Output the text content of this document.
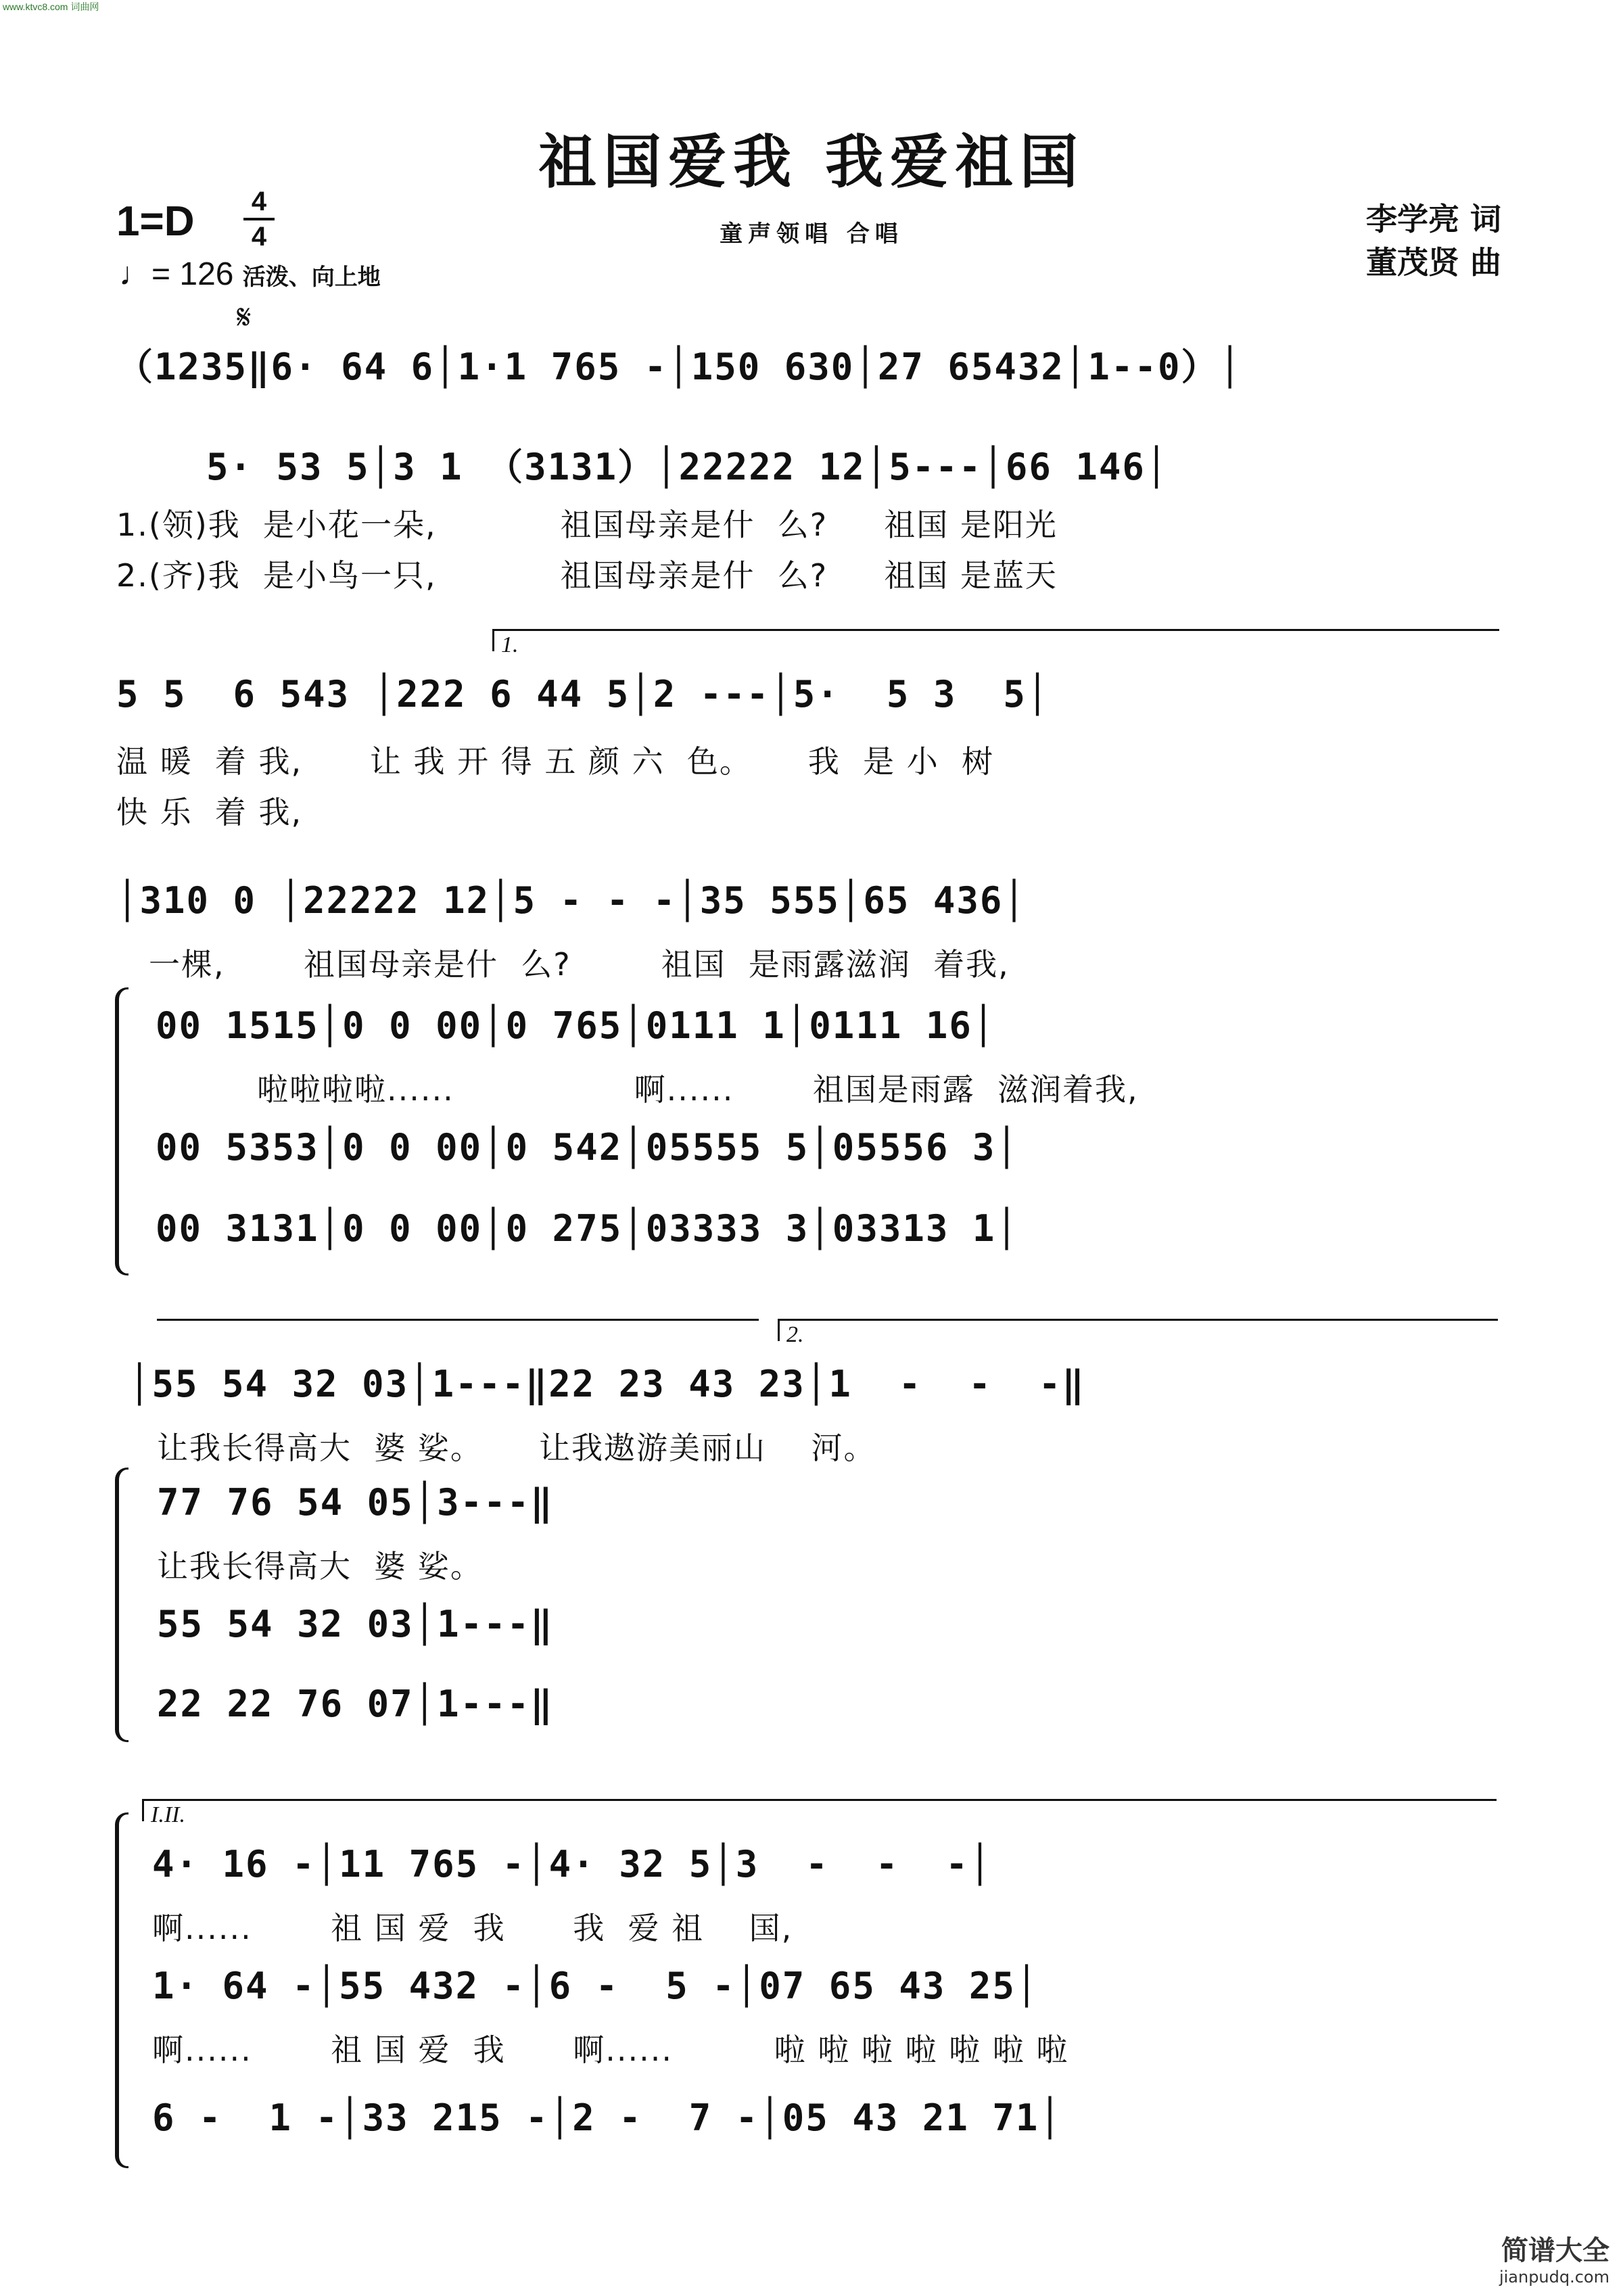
www.ktvc8.com 词曲网
祖国爱我 我爱祖国
1=D 4
4
♩= 126 活泼、向上地
童声领唱 合唱	李学亮 词
董茂贤 曲
𝄋
（1235‖6· 64 6│1·1 765 -│150 630│27 65432│1--0）│
5· 53 5│3 1 （3131）│22222 12│5---│66 146│
1.(领)我  是小花一朵,           祖国母亲是什  么?     祖国 是阳光
2.(齐)我  是小鸟一只,           祖国母亲是什  么?     祖国 是蓝天
1.
5 5  6 543 │222 6 44 5│2 ---│5·  5 3  5│
温 暖  着 我,      让 我 开 得 五 颜 六  色。     我  是 小  树
快 乐  着 我,
│310 0 │22222 12│5 - - -│35 555│65 436│
一棵,       祖国母亲是什  么?        祖国  是雨露滋润  着我,
00 1515│0 0 00│0 765│0111 1│0111 16│
啦啦啦啦......                啊......       祖国是雨露  滋润着我,
00 5353│0 0 00│0 542│05555 5│05556 3│
00 3131│0 0 00│0 275│03333 3│03313 1│
2.
│55 54 32 03│1---‖22 23 43 23│1  -  -  -‖
让我长得高大  婆 娑。     让我遨游美丽山    河。
77 76 54 05│3---‖
让我长得高大  婆 娑。
55 54 32 03│1---‖
22 22 76 07│1---‖
I.II.
4· 16 -│11 765 -│4· 32 5│3  -  -  -│
啊......       祖 国 爱  我      我  爱 祖    国,
1· 64 -│55 432 -│6 -  5 -│07 65 43 25│
啊......       祖 国 爱  我      啊......         啦 啦 啦 啦 啦 啦 啦
6 -  1 -│33 215 -│2 -  7 -│05 43 21 71│
简谱大全
jianpudq.com
